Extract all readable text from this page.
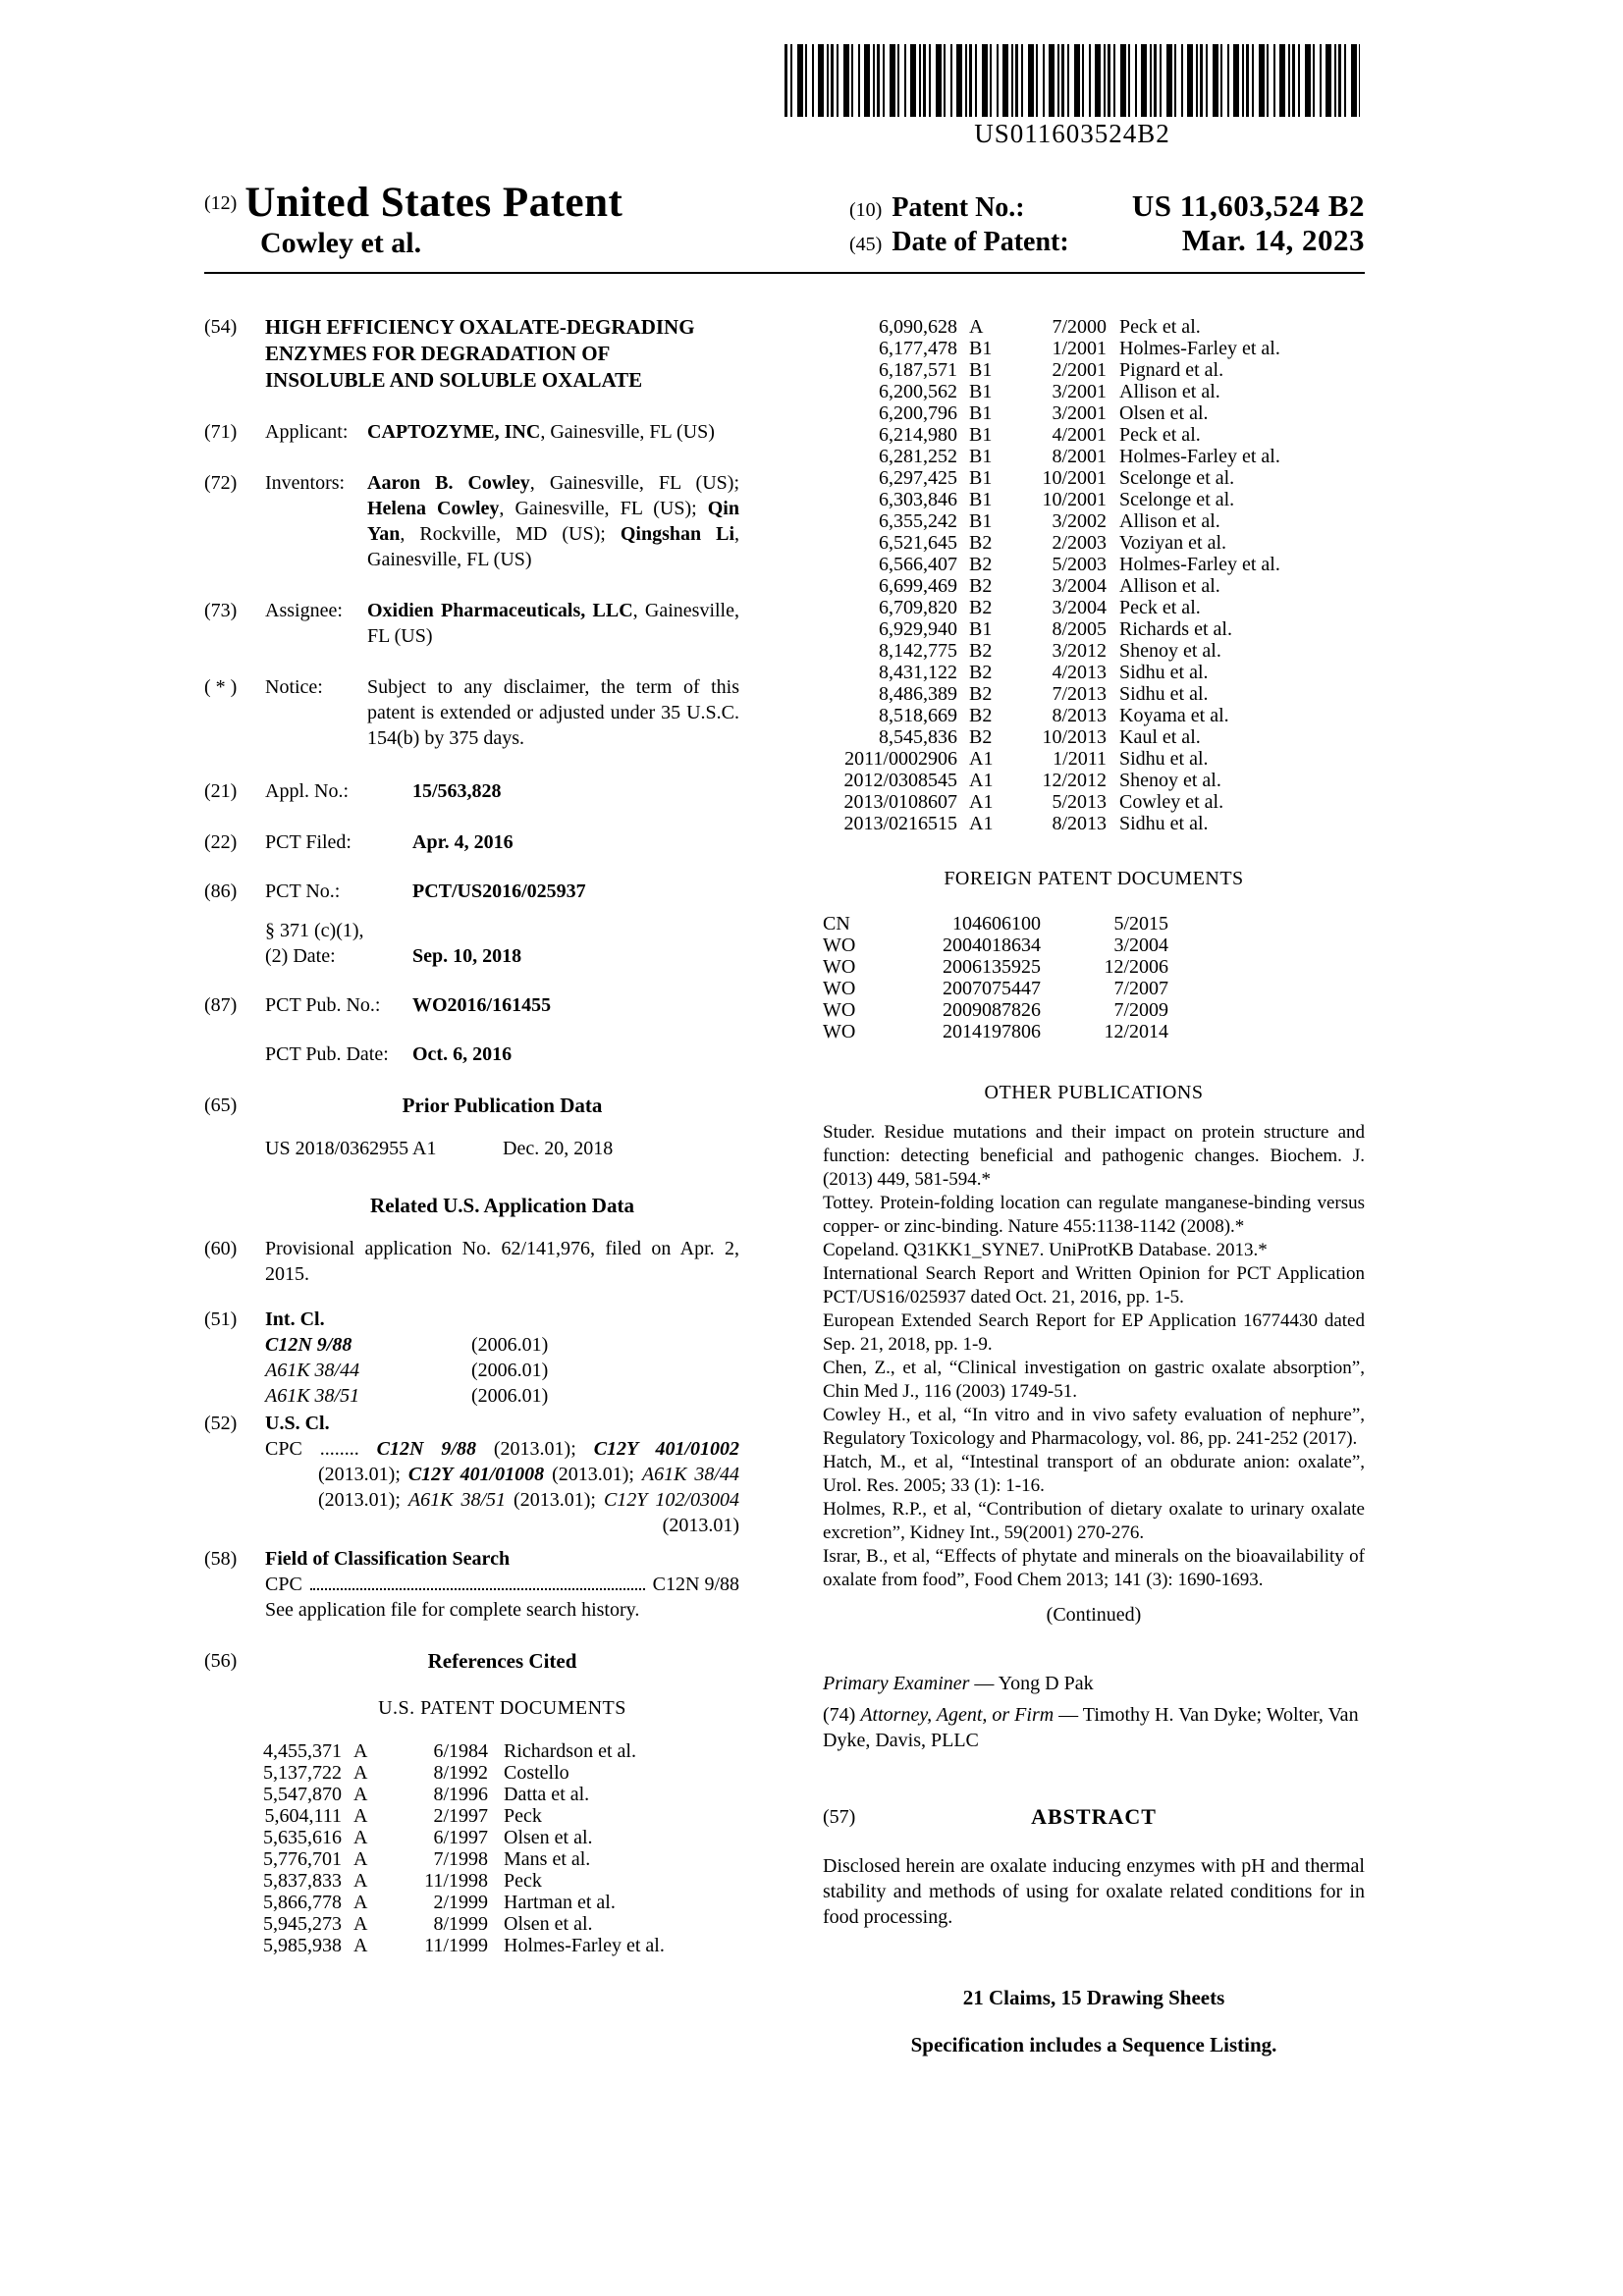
US011603524B2
(12) United States Patent
Cowley et al.
(10) Patent No.:	US 11,603,524 B2
(45) Date of Patent:	Mar. 14, 2023
(54)	HIGH EFFICIENCY OXALATE-DEGRADING
ENZYMES FOR DEGRADATION OF
INSOLUBLE AND SOLUBLE OXALATE
(71)	Applicant: CAPTOZYME, INC, Gainesville, FL (US)
(72)	Inventors:	Aaron B. Cowley, Gainesville, FL (US); Helena Cowley, Gainesville, FL (US); Qin Yan, Rockville, MD (US); Qingshan Li, Gainesville, FL (US)
(73)	Assignee:	Oxidien Pharmaceuticals, LLC, Gainesville, FL (US)
( * )	Notice:	Subject to any disclaimer, the term of this patent is extended or adjusted under 35 U.S.C. 154(b) by 375 days.
(21)	Appl. No.:	15/563,828
(22)	PCT Filed:	Apr. 4, 2016
(86)	PCT No.:	PCT/US2016/025937
§ 371 (c)(1),
(2) Date:	Sep. 10, 2018
(87)	PCT Pub. No.:	WO2016/161455
PCT Pub. Date:	Oct. 6, 2016
(65)	Prior Publication Data
US 2018/0362955 A1	Dec. 20, 2018
Related U.S. Application Data
(60)	Provisional application No. 62/141,976, filed on Apr. 2, 2015.
(51)	Int. Cl.
C12N 9/88	(2006.01)
A61K 38/44	(2006.01)
A61K 38/51	(2006.01)
(52)	U.S. Cl.
CPC ........ C12N 9/88 (2013.01); C12Y 401/01002 (2013.01); C12Y 401/01008 (2013.01); A61K 38/44 (2013.01); A61K 38/51 (2013.01); C12Y 102/03004 (2013.01)
(58)	Field of Classification Search
CPC	C12N 9/88
See application file for complete search history.
(56)	References Cited
U.S. PATENT DOCUMENTS
4,455,371 A	6/1984 Richardson et al.
5,137,722 A	8/1992 Costello
5,547,870 A	8/1996 Datta et al.
5,604,111 A	2/1997 Peck
5,635,616 A	6/1997 Olsen et al.
5,776,701 A	7/1998 Mans et al.
5,837,833 A	11/1998 Peck
5,866,778 A	2/1999 Hartman et al.
5,945,273 A	8/1999 Olsen et al.
5,985,938 A	11/1999 Holmes-Farley et al.
6,090,628 A	7/2000 Peck et al.
6,177,478 B1	1/2001 Holmes-Farley et al.
6,187,571 B1	2/2001 Pignard et al.
6,200,562 B1	3/2001 Allison et al.
6,200,796 B1	3/2001 Olsen et al.
6,214,980 B1	4/2001 Peck et al.
6,281,252 B1	8/2001 Holmes-Farley et al.
6,297,425 B1	10/2001 Scelonge et al.
6,303,846 B1	10/2001 Scelonge et al.
6,355,242 B1	3/2002 Allison et al.
6,521,645 B2	2/2003 Voziyan et al.
6,566,407 B2	5/2003 Holmes-Farley et al.
6,699,469 B2	3/2004 Allison et al.
6,709,820 B2	3/2004 Peck et al.
6,929,940 B1	8/2005 Richards et al.
8,142,775 B2	3/2012 Shenoy et al.
8,431,122 B2	4/2013 Sidhu et al.
8,486,389 B2	7/2013 Sidhu et al.
8,518,669 B2	8/2013 Koyama et al.
8,545,836 B2	10/2013 Kaul et al.
2011/0002906 A1	1/2011 Sidhu et al.
2012/0308545 A1	12/2012 Shenoy et al.
2013/0108607 A1	5/2013 Cowley et al.
2013/0216515 A1	8/2013 Sidhu et al.
FOREIGN PATENT DOCUMENTS
CN	104606100	5/2015
WO	2004018634	3/2004
WO	2006135925	12/2006
WO	2007075447	7/2007
WO	2009087826	7/2009
WO	2014197806	12/2014
OTHER PUBLICATIONS

Studer. Residue mutations and their impact on protein structure and function: detecting beneficial and pathogenic changes. Biochem. J. (2013) 449, 581-594.*

Tottey. Protein-folding location can regulate manganese-binding versus copper- or zinc-binding. Nature 455:1138-1142 (2008).*

Copeland. Q31KK1_SYNE7. UniProtKB Database. 2013.*

International Search Report and Written Opinion for PCT Application PCT/US16/025937 dated Oct. 21, 2016, pp. 1-5.

European Extended Search Report for EP Application 16774430 dated Sep. 21, 2018, pp. 1-9.

Chen, Z., et al, “Clinical investigation on gastric oxalate absorption”, Chin Med J., 116 (2003) 1749-51.

Cowley H., et al, “In vitro and in vivo safety evaluation of nephure”, Regulatory Toxicology and Pharmacology, vol. 86, pp. 241-252 (2017).

Hatch, M., et al, “Intestinal transport of an obdurate anion: oxalate”, Urol. Res. 2005; 33 (1): 1-16.

Holmes, R.P., et al, “Contribution of dietary oxalate to urinary oxalate excretion”, Kidney Int., 59(2001) 270-276.

Israr, B., et al, “Effects of phytate and minerals on the bioavailability of oxalate from food”, Food Chem 2013; 141 (3): 1690-1693.

(Continued)
Primary Examiner — Yong D Pak
(74) Attorney, Agent, or Firm — Timothy H. Van Dyke; Wolter, Van Dyke, Davis, PLLC
(57)	ABSTRACT
Disclosed herein are oxalate inducing enzymes with pH and thermal stability and methods of using for oxalate related conditions for in food processing.
21 Claims, 15 Drawing Sheets
Specification includes a Sequence Listing.
